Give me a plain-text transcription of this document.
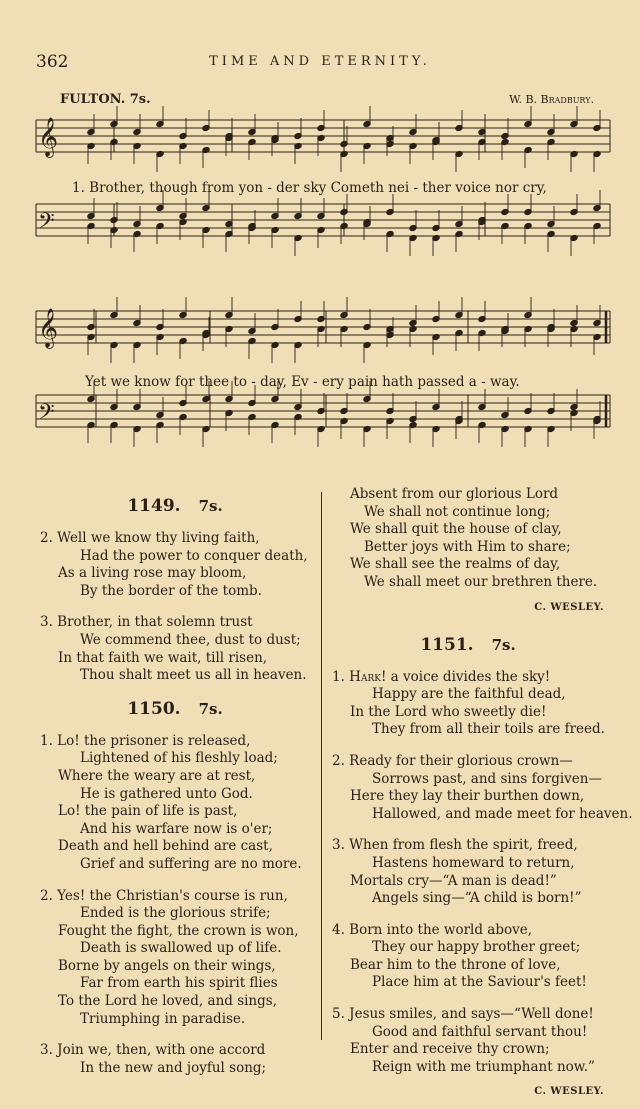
362	TIME AND ETERNITY.
FULTON. 7s.	W. B. Bradbury.
𝄞
𝄢
𝄞
𝄢
1. Brother, though from yon - der sky Cometh nei - ther voice nor cry,
Yet we know for thee to - day, Ev - ery pain hath passed a - way.
1149. 7s.
2. Well we know thy living faith,
Had the power to conquer death,
As a living rose may bloom,
By the border of the tomb.
3. Brother, in that solemn trust
We commend thee, dust to dust;
In that faith we wait, till risen,
Thou shalt meet us all in heaven.
1150. 7s.
1. Lo! the prisoner is released,
Lightened of his fleshly load;
Where the weary are at rest,
He is gathered unto God.
Lo! the pain of life is past,
And his warfare now is o'er;
Death and hell behind are cast,
Grief and suffering are no more.
2. Yes! the Christian's course is run,
Ended is the glorious strife;
Fought the fight, the crown is won,
Death is swallowed up of life.
Borne by angels on their wings,
Far from earth his spirit flies
To the Lord he loved, and sings,
Triumphing in paradise.
3. Join we, then, with one accord
In the new and joyful song;
Absent from our glorious Lord
We shall not continue long;
We shall quit the house of clay,
Better joys with Him to share;
We shall see the realms of day,
We shall meet our brethren there.
C. WESLEY.
1151. 7s.
1. Hark! a voice divides the sky!
Happy are the faithful dead,
In the Lord who sweetly die!
They from all their toils are freed.
2. Ready for their glorious crown—
Sorrows past, and sins forgiven—
Here they lay their burthen down,
Hallowed, and made meet for heaven.
3. When from flesh the spirit, freed,
Hastens homeward to return,
Mortals cry—“A man is dead!”
Angels sing—“A child is born!”
4. Born into the world above,
They our happy brother greet;
Bear him to the throne of love,
Place him at the Saviour's feet!
5. Jesus smiles, and says—“Well done!
Good and faithful servant thou!
Enter and receive thy crown;
Reign with me triumphant now.”
C. WESLEY.
